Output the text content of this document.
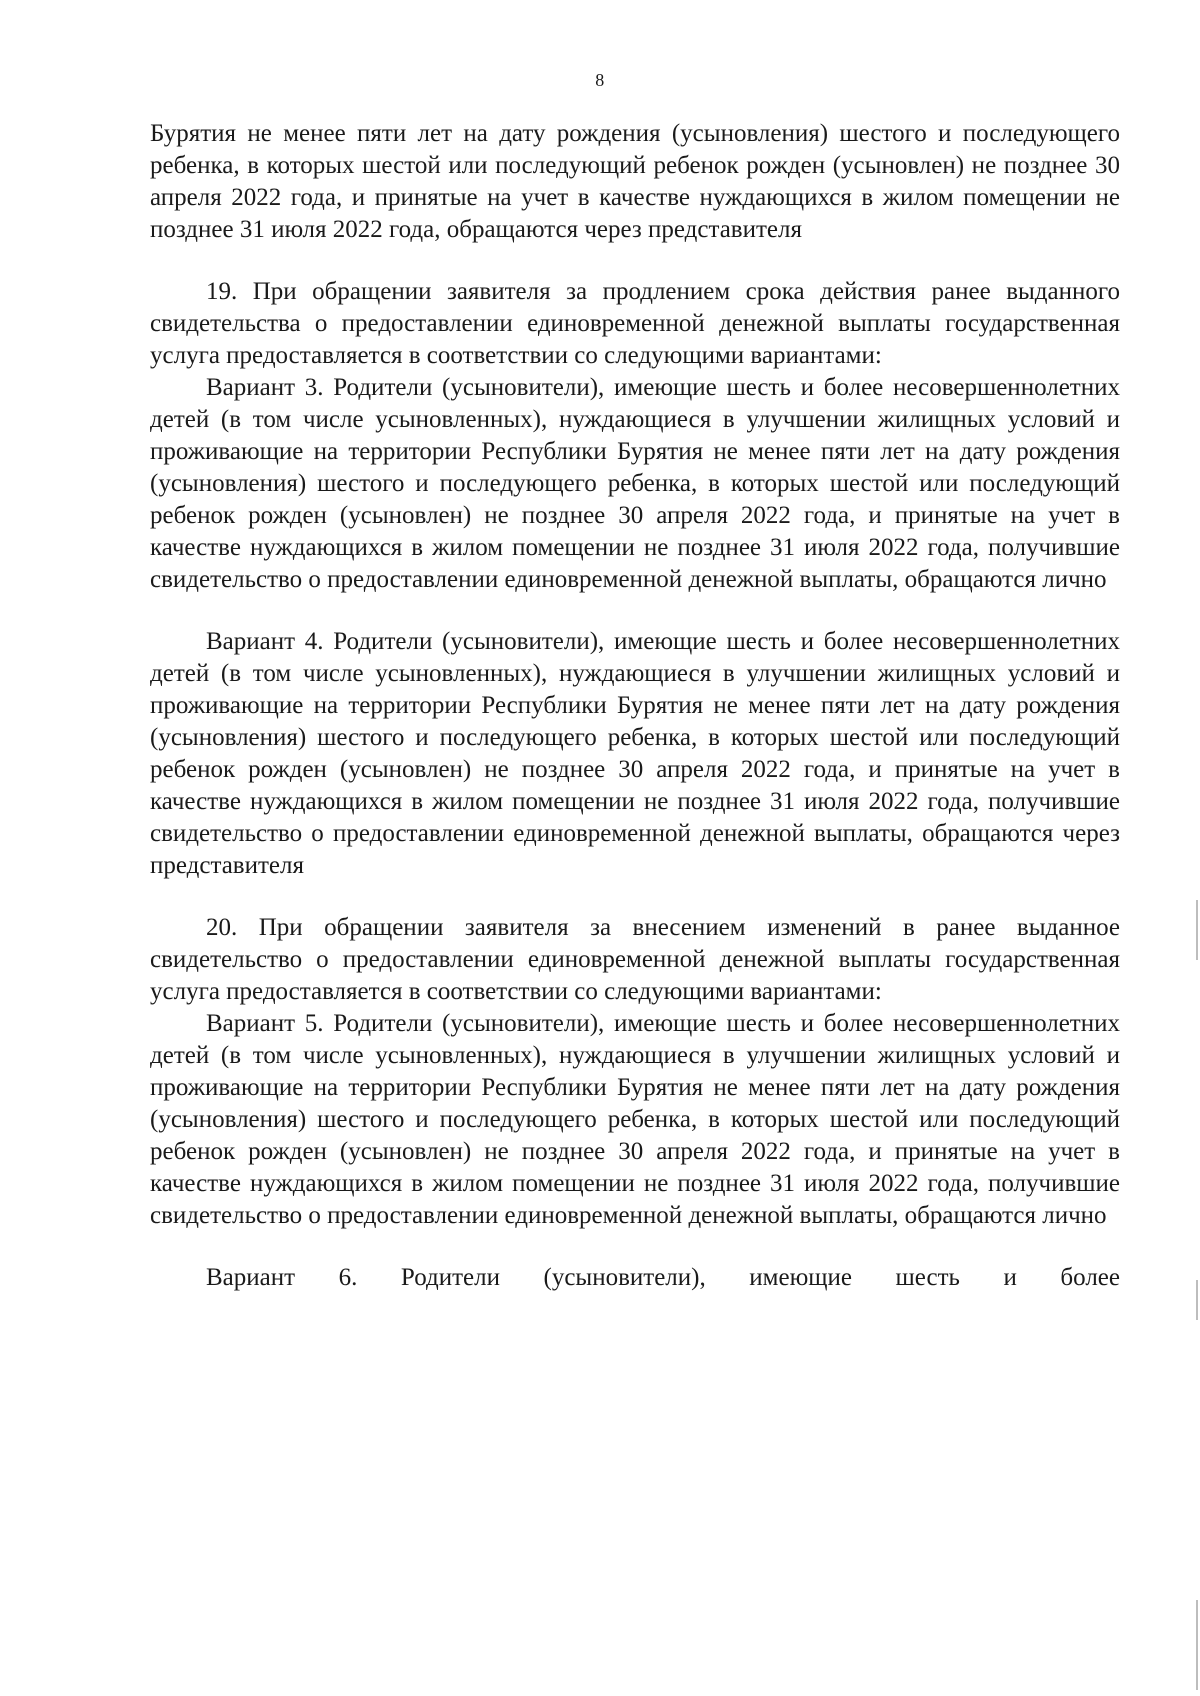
8

Бурятия не менее пяти лет на дату рождения (усыновления) шестого и последующего ребенка, в которых шестой или последующий ребенок рожден (усыновлен) не позднее 30 апреля 2022 года, и принятые на учет в качестве нуждающихся в жилом помещении не позднее 31 июля 2022 года, обращаются через представителя

19. При обращении заявителя за продлением срока действия ранее выданного свидетельства о предоставлении единовременной денежной выплаты государственная услуга предоставляется в соответствии со следующими вариантами:

Вариант 3. Родители (усыновители), имеющие шесть и более несовершеннолетних детей (в том числе усыновленных), нуждающиеся в улучшении жилищных условий и проживающие на территории Республики Бурятия не менее пяти лет на дату рождения (усыновления) шестого и последующего ребенка, в которых шестой или последующий ребенок рожден (усыновлен) не позднее 30 апреля 2022 года, и принятые на учет в качестве нуждающихся в жилом помещении не позднее 31 июля 2022 года, получившие свидетельство о предоставлении единовременной денежной выплаты, обращаются лично

Вариант 4. Родители (усыновители), имеющие шесть и более несовершеннолетних детей (в том числе усыновленных), нуждающиеся в улучшении жилищных условий и проживающие на территории Республики Бурятия не менее пяти лет на дату рождения (усыновления) шестого и последующего ребенка, в которых шестой или последующий ребенок рожден (усыновлен) не позднее 30 апреля 2022 года, и принятые на учет в качестве нуждающихся в жилом помещении не позднее 31 июля 2022 года, получившие свидетельство о предоставлении единовременной денежной выплаты, обращаются через представителя

20. При обращении заявителя за внесением изменений в ранее выданное свидетельство о предоставлении единовременной денежной выплаты государственная услуга предоставляется в соответствии со следующими вариантами:

Вариант 5. Родители (усыновители), имеющие шесть и более несовершеннолетних детей (в том числе усыновленных), нуждающиеся в улучшении жилищных условий и проживающие на территории Республики Бурятия не менее пяти лет на дату рождения (усыновления) шестого и последующего ребенка, в которых шестой или последующий ребенок рожден (усыновлен) не позднее 30 апреля 2022 года, и принятые на учет в качестве нуждающихся в жилом помещении не позднее 31 июля 2022 года, получившие свидетельство о предоставлении единовременной денежной выплаты, обращаются лично

Вариант 6. Родители (усыновители), имеющие шесть и более
